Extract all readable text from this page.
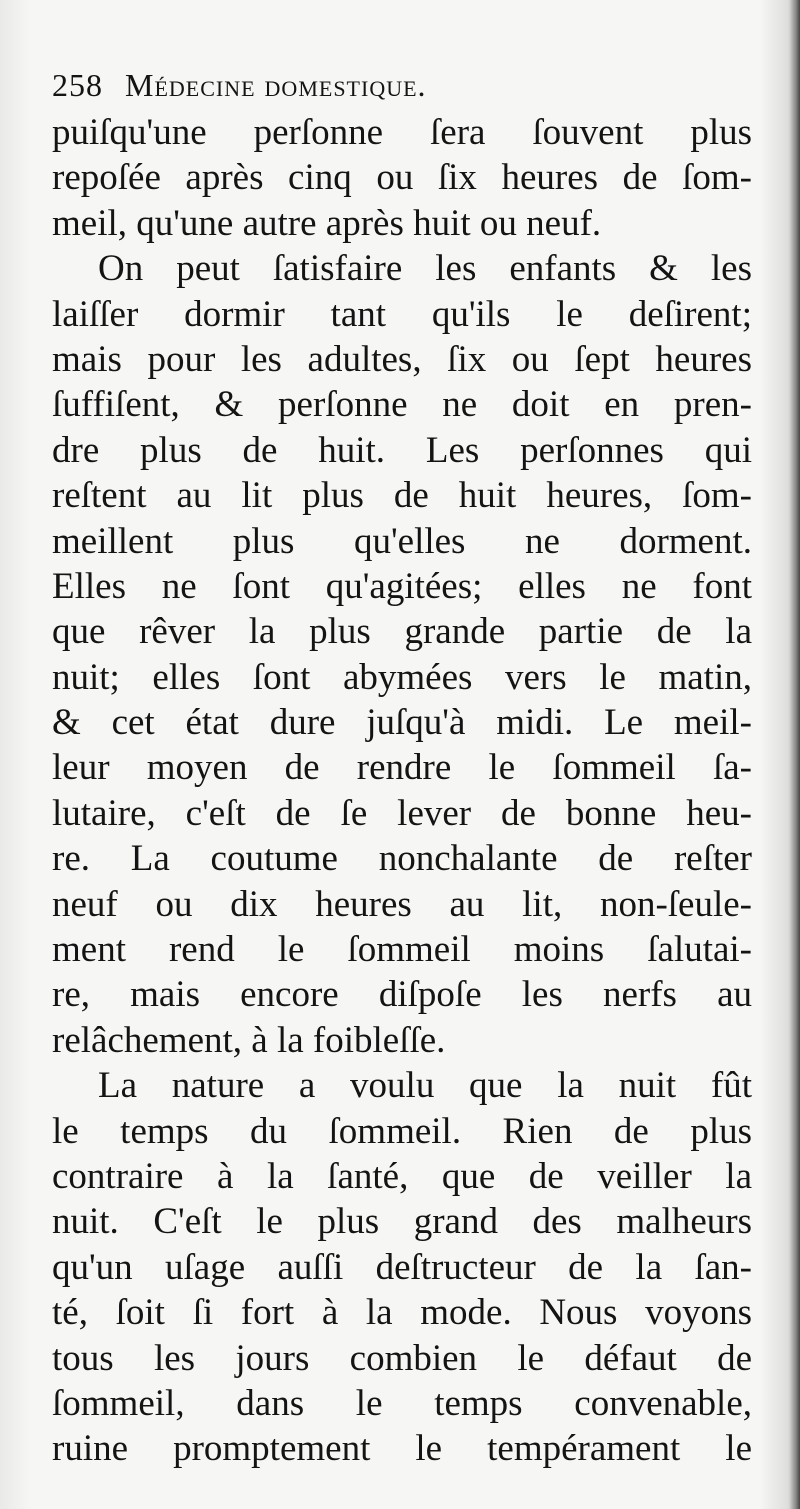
258 Médecine domestique.
puiſqu'une perſonne ſera ſouvent plus
repoſée après cinq ou ſix heures de ſom-
meil, qu'une autre après huit ou neuf.
On peut ſatisfaire les enfants & les
laiſſer dormir tant qu'ils le deſirent;
mais pour les adultes, ſix ou ſept heures
ſuffiſent, & perſonne ne doit en pren-
dre plus de huit. Les perſonnes qui
reſtent au lit plus de huit heures, ſom-
meillent plus qu'elles ne dorment.
Elles ne ſont qu'agitées; elles ne font
que rêver la plus grande partie de la
nuit; elles ſont abymées vers le matin,
& cet état dure juſqu'à midi. Le meil-
leur moyen de rendre le ſommeil ſa-
lutaire, c'eſt de ſe lever de bonne heu-
re. La coutume nonchalante de reſter
neuf ou dix heures au lit, non-ſeule-
ment rend le ſommeil moins ſalutai-
re, mais encore diſpoſe les nerfs au
relâchement, à la foibleſſe.
La nature a voulu que la nuit fût
le temps du ſommeil. Rien de plus
contraire à la ſanté, que de veiller la
nuit. C'eſt le plus grand des malheurs
qu'un uſage auſſi deſtructeur de la ſan-
té, ſoit ſi fort à la mode. Nous voyons
tous les jours combien le défaut de
ſommeil, dans le temps convenable,
ruine promptement le tempérament le
